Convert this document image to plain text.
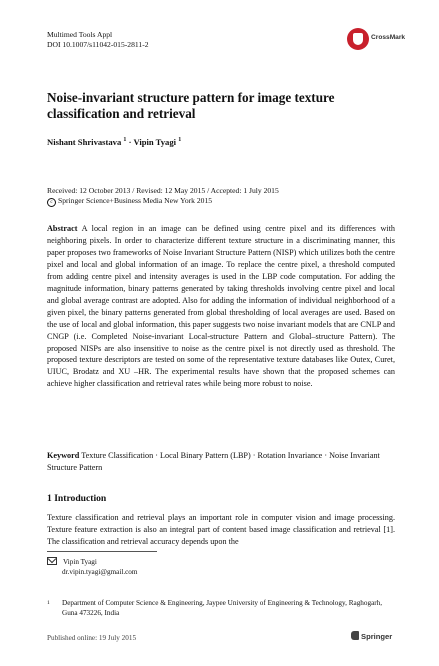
Multimed Tools Appl
DOI 10.1007/s11042-015-2811-2
CrossMark
Noise-invariant structure pattern for image texture classification and retrieval
Nishant Shrivastava $^1$ · Vipin Tyagi $^1$
Received: 12 October 2013 / Revised: 12 May 2015 / Accepted: 1 July 2015
c Springer Science+Business Media New York 2015
Abstract A local region in an image can be defined using centre pixel and its differences with neighboring pixels. In order to characterize different texture structure in a discriminating manner, this paper proposes two frameworks of Noise Invariant Structure Pattern (NISP) which utilizes both the centre pixel and local and global information of an image. To replace the centre pixel, a threshold computed from adding centre pixel and intensity averages is used in the LBP code computation. For adding the magnitude information, binary patterns generated by taking thresholds involving centre pixel and local and global average contrast are adopted. Also for adding the information of individual neighborhood of a given pixel, the binary patterns generated from global thresholding of local averages are used. Based on the use of local and global information, this paper suggests two noise invariant models that are CNLP and CNGP (i.e. Completed Noise-invariant Local-structure Pattern and Global–structure Pattern). The proposed NISPs are also insensitive to noise as the centre pixel is not directly used as threshold. The proposed texture descriptors are tested on some of the representative texture databases like Outex, Curet, UIUC, Brodatz and XU –HR. The experimental results have shown that the proposed schemes can achieve higher classification and retrieval rates while being more robust to noise.
Keyword Texture Classification · Local Binary Pattern (LBP) · Rotation Invariance · Noise Invariant Structure Pattern
1 Introduction
Texture classification and retrieval plays an important role in computer vision and image processing. Texture feature extraction is also an integral part of content based image classification and retrieval [1]. The classification and retrieval accuracy depends upon the
Vipin Tyagi
dr.vipin.tyagi@gmail.com
1 Department of Computer Science & Engineering, Jaypee University of Engineering & Technology, Raghogarh, Guna 473226, India
Published online: 19 July 2015	Springer
